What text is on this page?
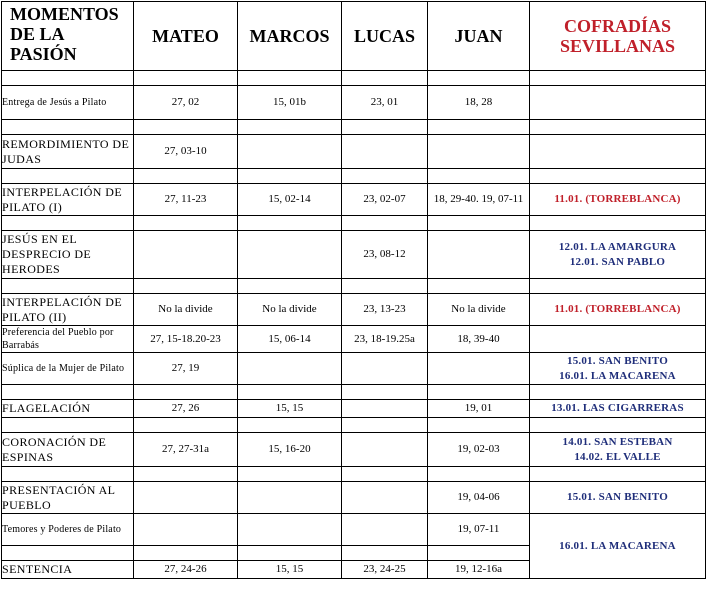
MOMENTOS DE LA PASIÓN	MATEO	MARCOS	LUCAS	JUAN	COFRADÍAS SEVILLANAS

Entrega de Jesús a Pilato	27, 02	15, 01b	23, 01	18, 28	

REMORDIMIENTO DE JUDAS	27, 03-10				

INTERPELACIÓN DE PILATO (I)	27, 11-23	15, 02-14	23, 02-07	18, 29-40. 19, 07-11	11.01. (TORREBLANCA)

JESÚS EN EL DESPRECIO DE HERODES			23, 08-12		12.01. LA AMARGURA
12.01. SAN PABLO

INTERPELACIÓN DE PILATO (II)	No la divide	No la divide	23, 13-23	No la divide	11.01. (TORREBLANCA)

Preferencia del Pueblo por Barrabás	27, 15-18.20-23	15, 06-14	23, 18-19.25a	18, 39-40	
Súplica de la Mujer de Pilato	27, 19				15.01. SAN BENITO
16.01. LA MACARENA

FLAGELACIÓN	27, 26	15, 15		19, 01	13.01. LAS CIGARRERAS

CORONACIÓN DE ESPINAS	27, 27-31a	15, 16-20		19, 02-03	14.01. SAN ESTEBAN
14.02. EL VALLE

PRESENTACIÓN AL PUEBLO				19, 04-06	15.01. SAN BENITO

Temores y Poderes de Pilato				19, 07-11	16.01. LA MACARENA

SENTENCIA	27, 24-26	15, 15	23, 24-25	19, 12-16a	
